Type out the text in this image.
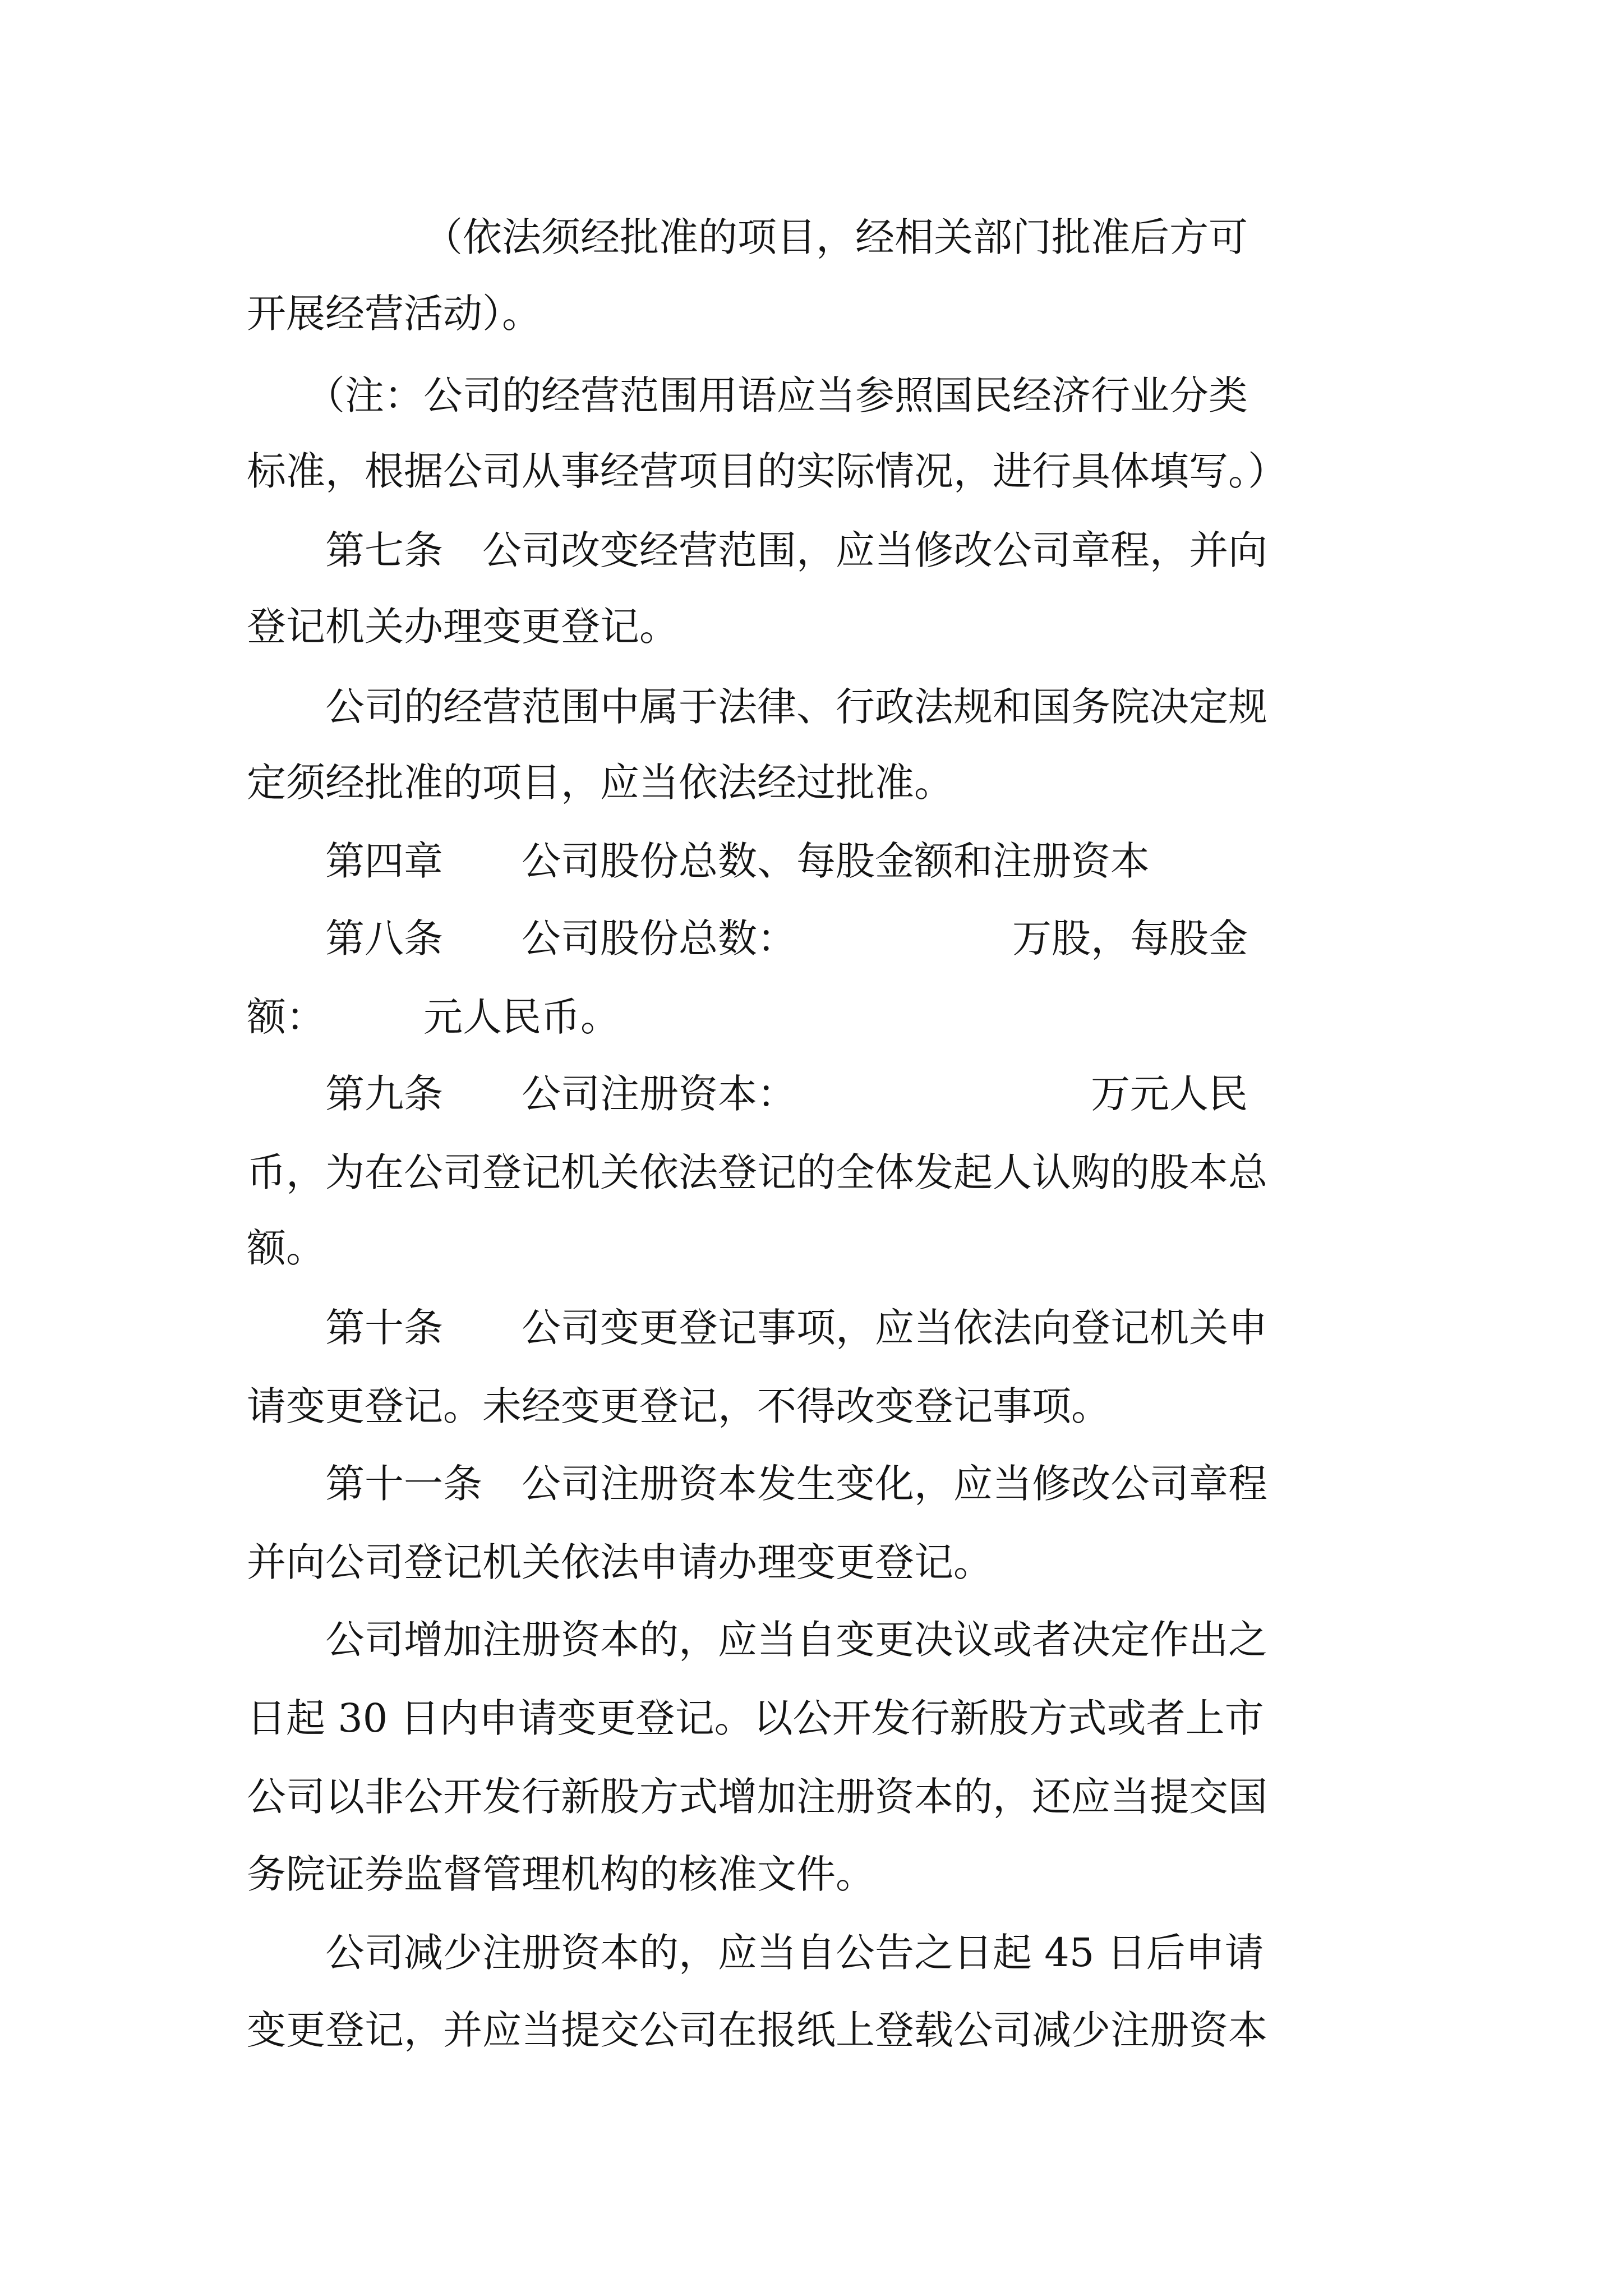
　　　　　（依法须经批准的项目，经相关部门批准后方可
开展经营活动）。
　　（注：公司的经营范围用语应当参照国民经济行业分类
标准，根据公司从事经营项目的实际情况，进行具体填写。）
　　第七条　公司改变经营范围，应当修改公司章程，并向
登记机关办理变更登记。
　　公司的经营范围中属于法律、行政法规和国务院决定规
定须经批准的项目，应当依法经过批准。
　　第四章　　公司股份总数、每股金额和注册资本
　　第八条　　公司股份总数：　　　　　　万股，每股金
额：　　　元人民币。
　　第九条　　公司注册资本：　　　　　　　　万元人民
币，为在公司登记机关依法登记的全体发起人认购的股本总
额。
　　第十条　　公司变更登记事项，应当依法向登记机关申
请变更登记。未经变更登记，不得改变登记事项。
　　第十一条　公司注册资本发生变化，应当修改公司章程
并向公司登记机关依法申请办理变更登记。
　　公司增加注册资本的，应当自变更决议或者决定作出之
日起 30 日内申请变更登记。以公开发行新股方式或者上市
公司以非公开发行新股方式增加注册资本的，还应当提交国
务院证券监督管理机构的核准文件。
　　公司减少注册资本的，应当自公告之日起 45 日后申请
变更登记，并应当提交公司在报纸上登载公司减少注册资本
